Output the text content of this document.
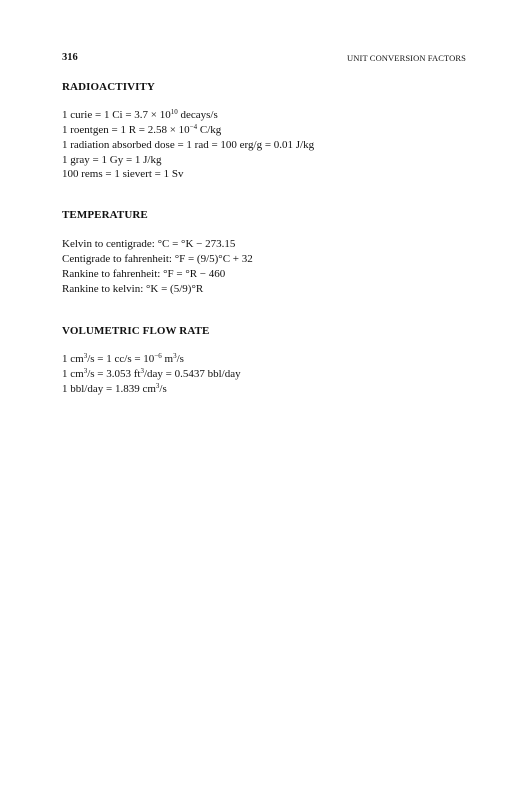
316	UNIT CONVERSION FACTORS
RADIOACTIVITY
1 curie = 1 $Ci = 3.7 \times 10^{10}$ decays/s
1 roentgen = 1 $R = 2.58 \times 10^{-4}$ C/kg
1 radiation absorbed dose = 1 rad = 100 erg/g = 0.01 J/kg
1 gray = 1 Gy = 1 J/kg
100 rems = 1 sievert = 1 Sv
TEMPERATURE
Kelvin to centigrade: °C = °K − 273.15
Centigrade to fahrenheit: °F = (9/5)°C + 32
Rankine to fahrenheit: °F = °R − 460
Rankine to kelvin: °K = (5/9)°R
VOLUMETRIC FLOW RATE
1 $cm^3/s = 1$ $cc/s = 10^{-6}$ $m^3/s$
1 $cm^3/s = 3.053$ $ft^3$/day = 0.5437 bbl/day
1 bbl/day = 1.839 $cm^3/s$
